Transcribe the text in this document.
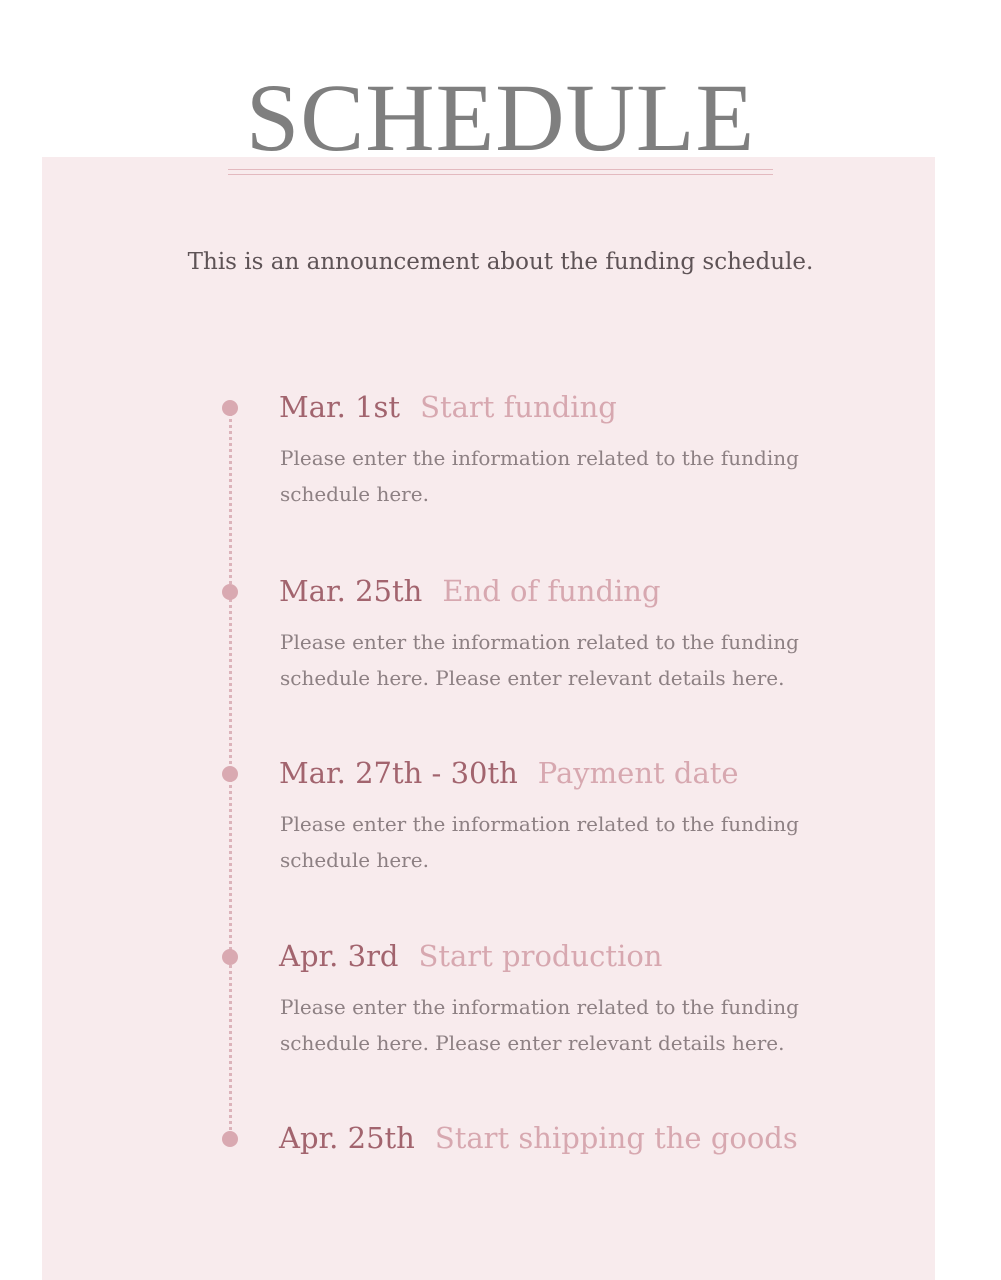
SCHEDULE
This is an announcement about the funding schedule.
Mar. 1st Start funding
Please enter the information related to the funding schedule here.
Mar. 25th End of funding
Please enter the information related to the funding schedule here. Please enter relevant details here.
Mar. 27th - 30th Payment date
Please enter the information related to the funding schedule here.
Apr. 3rd Start production
Please enter the information related to the funding schedule here. Please enter relevant details here.
Apr. 25th Start shipping the goods
